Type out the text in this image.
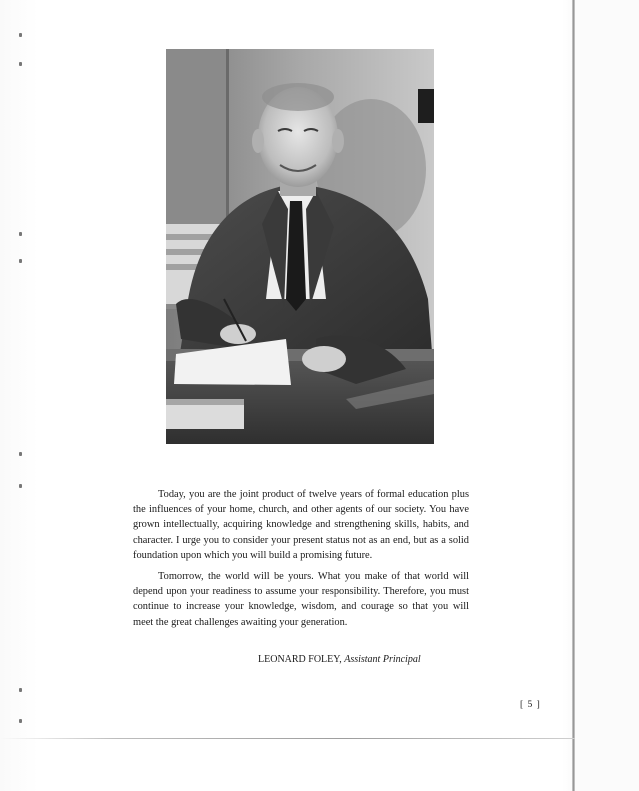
Today, you are the joint product of twelve years of formal education plus the influences of your home, church, and other agents of our society. You have grown intellectually, acquiring knowledge and strengthening skills, habits, and character. I urge you to consider your present status not as an end, but as a solid foundation upon which you will build a promising future.

Tomorrow, the world will be yours. What you make of that world will depend upon your readiness to assume your responsibility. Therefore, you must continue to increase your knowledge, wisdom, and courage so that you will meet the great challenges awaiting your generation.

LEONARD FOLEY, Assistant Principal
[ 5 ]
